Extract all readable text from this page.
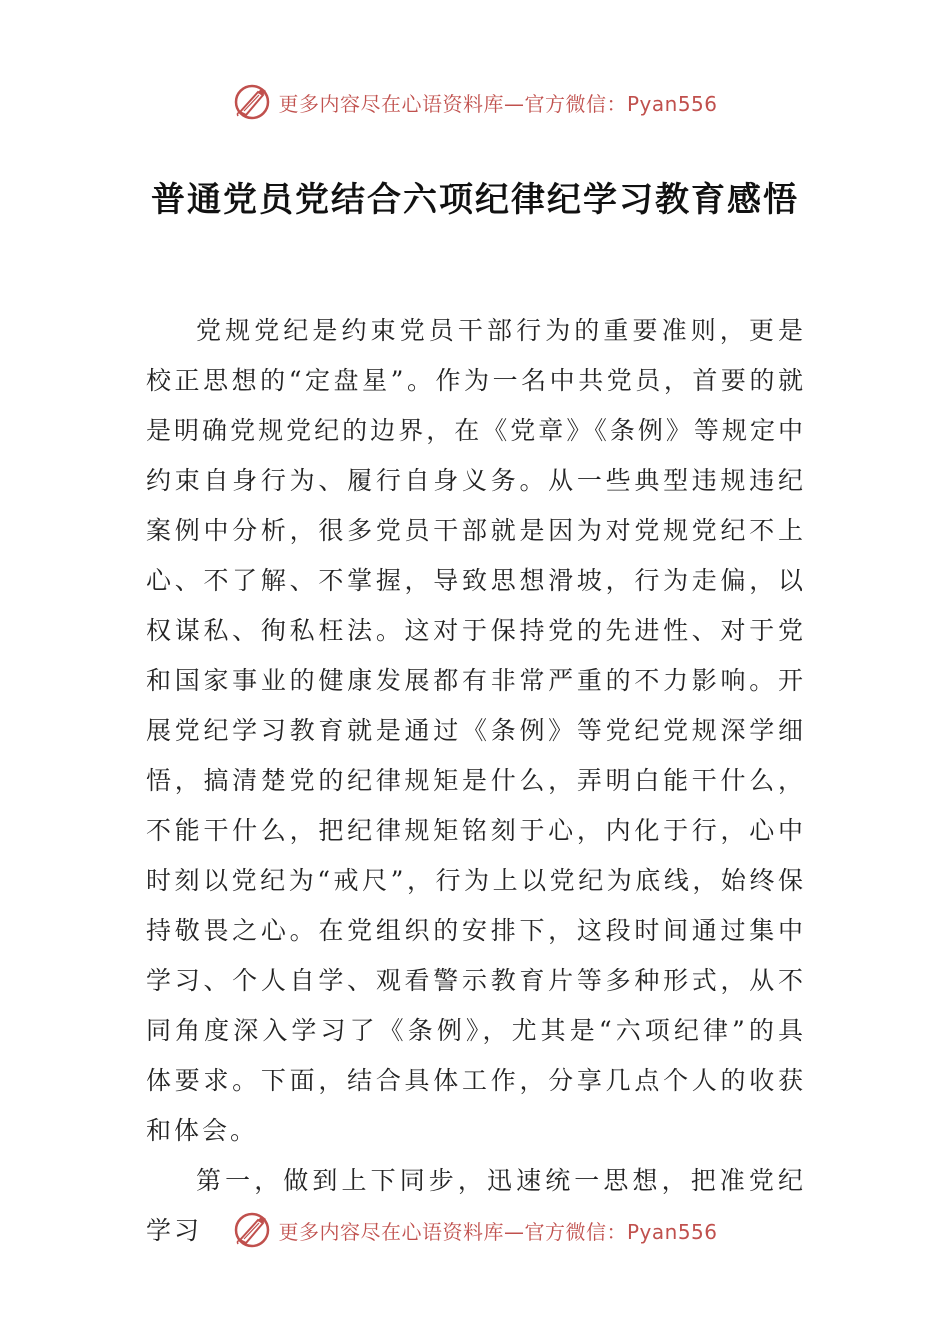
更多内容尽在心语资料库—官方微信：Pyan556
普通党员党结合六项纪律纪学习教育感悟

党规党纪是约束党员干部行为的重要准则，更是校正思想的“定盘星”。作为一名中共党员，首要的就是明确党规党纪的边界，在《党章》《条例》等规定中约束自身行为、履行自身义务。从一些典型违规违纪案例中分析，很多党员干部就是因为对党规党纪不上心、不了解、不掌握，导致思想滑坡，行为走偏，以权谋私、徇私枉法。这对于保持党的先进性、对于党和国家事业的健康发展都有非常严重的不力影响。开展党纪学习教育就是通过《条例》等党纪党规深学细悟，搞清楚党的纪律规矩是什么，弄明白能干什么，不能干什么，把纪律规矩铭刻于心，内化于行，心中时刻以党纪为“戒尺”，行为上以党纪为底线，始终保持敬畏之心。在党组织的安排下，这段时间通过集中学习、个人自学、观看警示教育片等多种形式，从不同角度深入学习了《条例》，尤其是“六项纪律”的具体要求。下面，结合具体工作，分享几点个人的收获和体会。

第一，做到上下同步，迅速统一思想，把准党纪学习	更多内容尽在心语资料库—官方微信：Pyan556
